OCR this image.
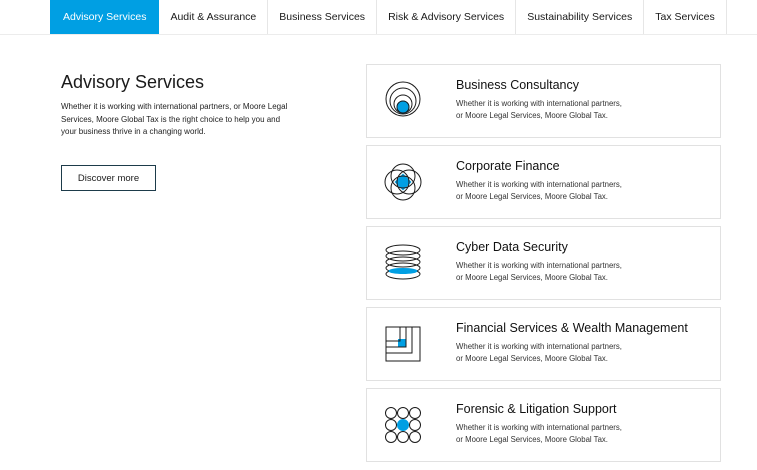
Advisory Services	Audit & Assurance	Business Services	Risk & Advisory Services	Sustainability Services	Tax Services
Advisory Services

Whether it is working with international partners, or Moore Legal Services, Moore Global Tax is the right choice to help you and your business thrive in a changing world.

Discover more
Business Consultancy

Whether it is working with international partners,
or Moore Legal Services, Moore Global Tax.

Corporate Finance

Whether it is working with international partners,
or Moore Legal Services, Moore Global Tax.

Cyber Data Security

Whether it is working with international partners,
or Moore Legal Services, Moore Global Tax.

Financial Services & Wealth Management

Whether it is working with international partners,
or Moore Legal Services, Moore Global Tax.

Forensic & Litigation Support

Whether it is working with international partners,
or Moore Legal Services, Moore Global Tax.
